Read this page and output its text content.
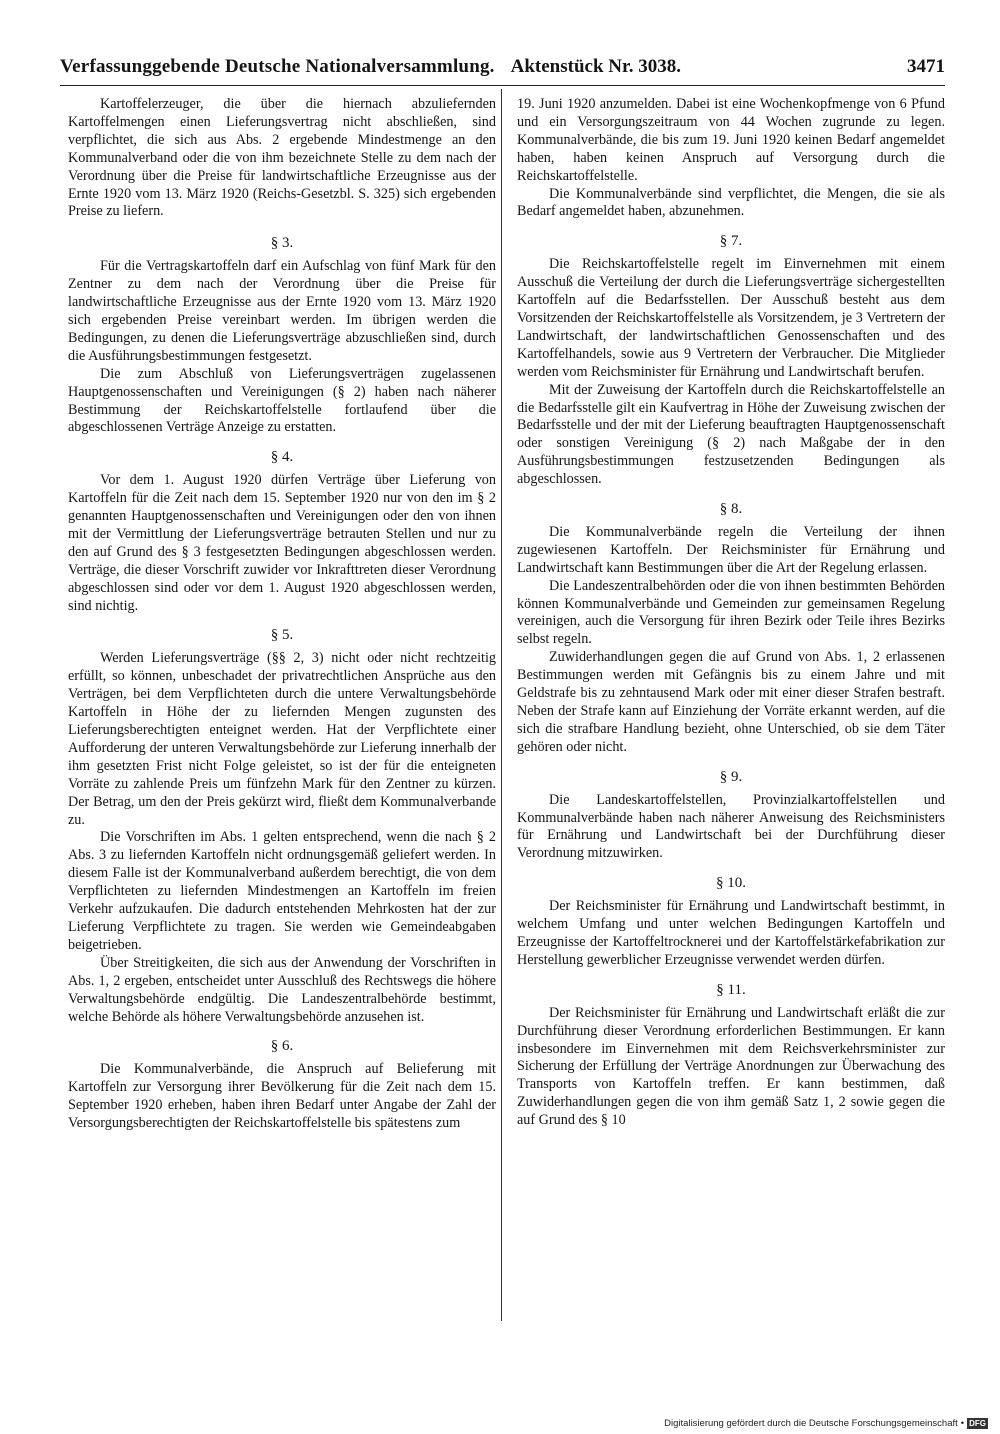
Verfassunggebende Deutsche Nationalversammlung. Aktenstück Nr. 3038.	3471

Kartoffelerzeuger, die über die hiernach abzuliefernden Kartoffelmengen einen Lieferungsvertrag nicht abschließen, sind verpflichtet, die sich aus Abs. 2 ergebende Mindestmenge an den Kommunalverband oder die von ihm bezeichnete Stelle zu dem nach der Verordnung über die Preise für landwirtschaftliche Erzeugnisse aus der Ernte 1920 vom 13. März 1920 (Reichs-Gesetzbl. S. 325) sich ergebenden Preise zu liefern.

§ 3.

Für die Vertragskartoffeln darf ein Aufschlag von fünf Mark für den Zentner zu dem nach der Verordnung über die Preise für landwirtschaftliche Erzeugnisse aus der Ernte 1920 vom 13. März 1920 sich ergebenden Preise vereinbart werden. Im übrigen werden die Bedingungen, zu denen die Lieferungsverträge abzuschließen sind, durch die Ausführungsbestimmungen festgesetzt.

Die zum Abschluß von Lieferungsverträgen zugelassenen Hauptgenossenschaften und Vereinigungen (§ 2) haben nach näherer Bestimmung der Reichskartoffelstelle fortlaufend über die abgeschlossenen Verträge Anzeige zu erstatten.

§ 4.

Vor dem 1. August 1920 dürfen Verträge über Lieferung von Kartoffeln für die Zeit nach dem 15. September 1920 nur von den im § 2 genannten Hauptgenossenschaften und Vereinigungen oder den von ihnen mit der Vermittlung der Lieferungsverträge betrauten Stellen und nur zu den auf Grund des § 3 festgesetzten Bedingungen abgeschlossen werden. Verträge, die dieser Vorschrift zuwider vor Inkrafttreten dieser Verordnung abgeschlossen sind oder vor dem 1. August 1920 abgeschlossen werden, sind nichtig.

§ 5.

Werden Lieferungsverträge (§§ 2, 3) nicht oder nicht rechtzeitig erfüllt, so können, unbeschadet der privatrechtlichen Ansprüche aus den Verträgen, bei dem Verpflichteten durch die untere Verwaltungsbehörde Kartoffeln in Höhe der zu liefernden Mengen zugunsten des Lieferungsberechtigten enteignet werden. Hat der Verpflichtete einer Aufforderung der unteren Verwaltungsbehörde zur Lieferung innerhalb der ihm gesetzten Frist nicht Folge geleistet, so ist der für die enteigneten Vorräte zu zahlende Preis um fünfzehn Mark für den Zentner zu kürzen. Der Betrag, um den der Preis gekürzt wird, fließt dem Kommunalverbande zu.

Die Vorschriften im Abs. 1 gelten entsprechend, wenn die nach § 2 Abs. 3 zu liefernden Kartoffeln nicht ordnungsgemäß geliefert werden. In diesem Falle ist der Kommunalverband außerdem berechtigt, die von dem Verpflichteten zu liefernden Mindestmengen an Kartoffeln im freien Verkehr aufzukaufen. Die dadurch entstehenden Mehrkosten hat der zur Lieferung Verpflichtete zu tragen. Sie werden wie Gemeindeabgaben beigetrieben.

Über Streitigkeiten, die sich aus der Anwendung der Vorschriften in Abs. 1, 2 ergeben, entscheidet unter Ausschluß des Rechtswegs die höhere Verwaltungsbehörde endgültig. Die Landeszentralbehörde bestimmt, welche Behörde als höhere Verwaltungsbehörde anzusehen ist.

§ 6.

Die Kommunalverbände, die Anspruch auf Belieferung mit Kartoffeln zur Versorgung ihrer Bevölkerung für die Zeit nach dem 15. September 1920 erheben, haben ihren Bedarf unter Angabe der Zahl der Versorgungsberechtigten der Reichskartoffelstelle bis spätestens zum

19. Juni 1920 anzumelden. Dabei ist eine Wochenkopfmenge von 6 Pfund und ein Versorgungszeitraum von 44 Wochen zugrunde zu legen. Kommunalverbände, die bis zum 19. Juni 1920 keinen Bedarf angemeldet haben, haben keinen Anspruch auf Versorgung durch die Reichskartoffelstelle.

Die Kommunalverbände sind verpflichtet, die Mengen, die sie als Bedarf angemeldet haben, abzunehmen.

§ 7.

Die Reichskartoffelstelle regelt im Einvernehmen mit einem Ausschuß die Verteilung der durch die Lieferungsverträge sichergestellten Kartoffeln auf die Bedarfsstellen. Der Ausschuß besteht aus dem Vorsitzenden der Reichskartoffelstelle als Vorsitzendem, je 3 Vertretern der Landwirtschaft, der landwirtschaftlichen Genossenschaften und des Kartoffelhandels, sowie aus 9 Vertretern der Verbraucher. Die Mitglieder werden vom Reichsminister für Ernährung und Landwirtschaft berufen.

Mit der Zuweisung der Kartoffeln durch die Reichskartoffelstelle an die Bedarfsstelle gilt ein Kaufvertrag in Höhe der Zuweisung zwischen der Bedarfsstelle und der mit der Lieferung beauftragten Hauptgenossenschaft oder sonstigen Vereinigung (§ 2) nach Maßgabe der in den Ausführungsbestimmungen festzusetzenden Bedingungen als abgeschlossen.

§ 8.

Die Kommunalverbände regeln die Verteilung der ihnen zugewiesenen Kartoffeln. Der Reichsminister für Ernährung und Landwirtschaft kann Bestimmungen über die Art der Regelung erlassen.

Die Landeszentralbehörden oder die von ihnen bestimmten Behörden können Kommunalverbände und Gemeinden zur gemeinsamen Regelung vereinigen, auch die Versorgung für ihren Bezirk oder Teile ihres Bezirks selbst regeln.

Zuwiderhandlungen gegen die auf Grund von Abs. 1, 2 erlassenen Bestimmungen werden mit Gefängnis bis zu einem Jahre und mit Geldstrafe bis zu zehntausend Mark oder mit einer dieser Strafen bestraft. Neben der Strafe kann auf Einziehung der Vorräte erkannt werden, auf die sich die strafbare Handlung bezieht, ohne Unterschied, ob sie dem Täter gehören oder nicht.

§ 9.

Die Landeskartoffelstellen, Provinzialkartoffelstellen und Kommunalverbände haben nach näherer Anweisung des Reichsministers für Ernährung und Landwirtschaft bei der Durchführung dieser Verordnung mitzuwirken.

§ 10.

Der Reichsminister für Ernährung und Landwirtschaft bestimmt, in welchem Umfang und unter welchen Bedingungen Kartoffeln und Erzeugnisse der Kartoffeltrocknerei und der Kartoffelstärkefabrikation zur Herstellung gewerblicher Erzeugnisse verwendet werden dürfen.

§ 11.

Der Reichsminister für Ernährung und Landwirtschaft erläßt die zur Durchführung dieser Verordnung erforderlichen Bestimmungen. Er kann insbesondere im Einvernehmen mit dem Reichsverkehrsminister zur Sicherung der Erfüllung der Verträge Anordnungen zur Überwachung des Transports von Kartoffeln treffen. Er kann bestimmen, daß Zuwiderhandlungen gegen die von ihm gemäß Satz 1, 2 sowie gegen die auf Grund des § 10

Digitalisierung gefördert durch die Deutsche Forschungsgemeinschaft • DFG
